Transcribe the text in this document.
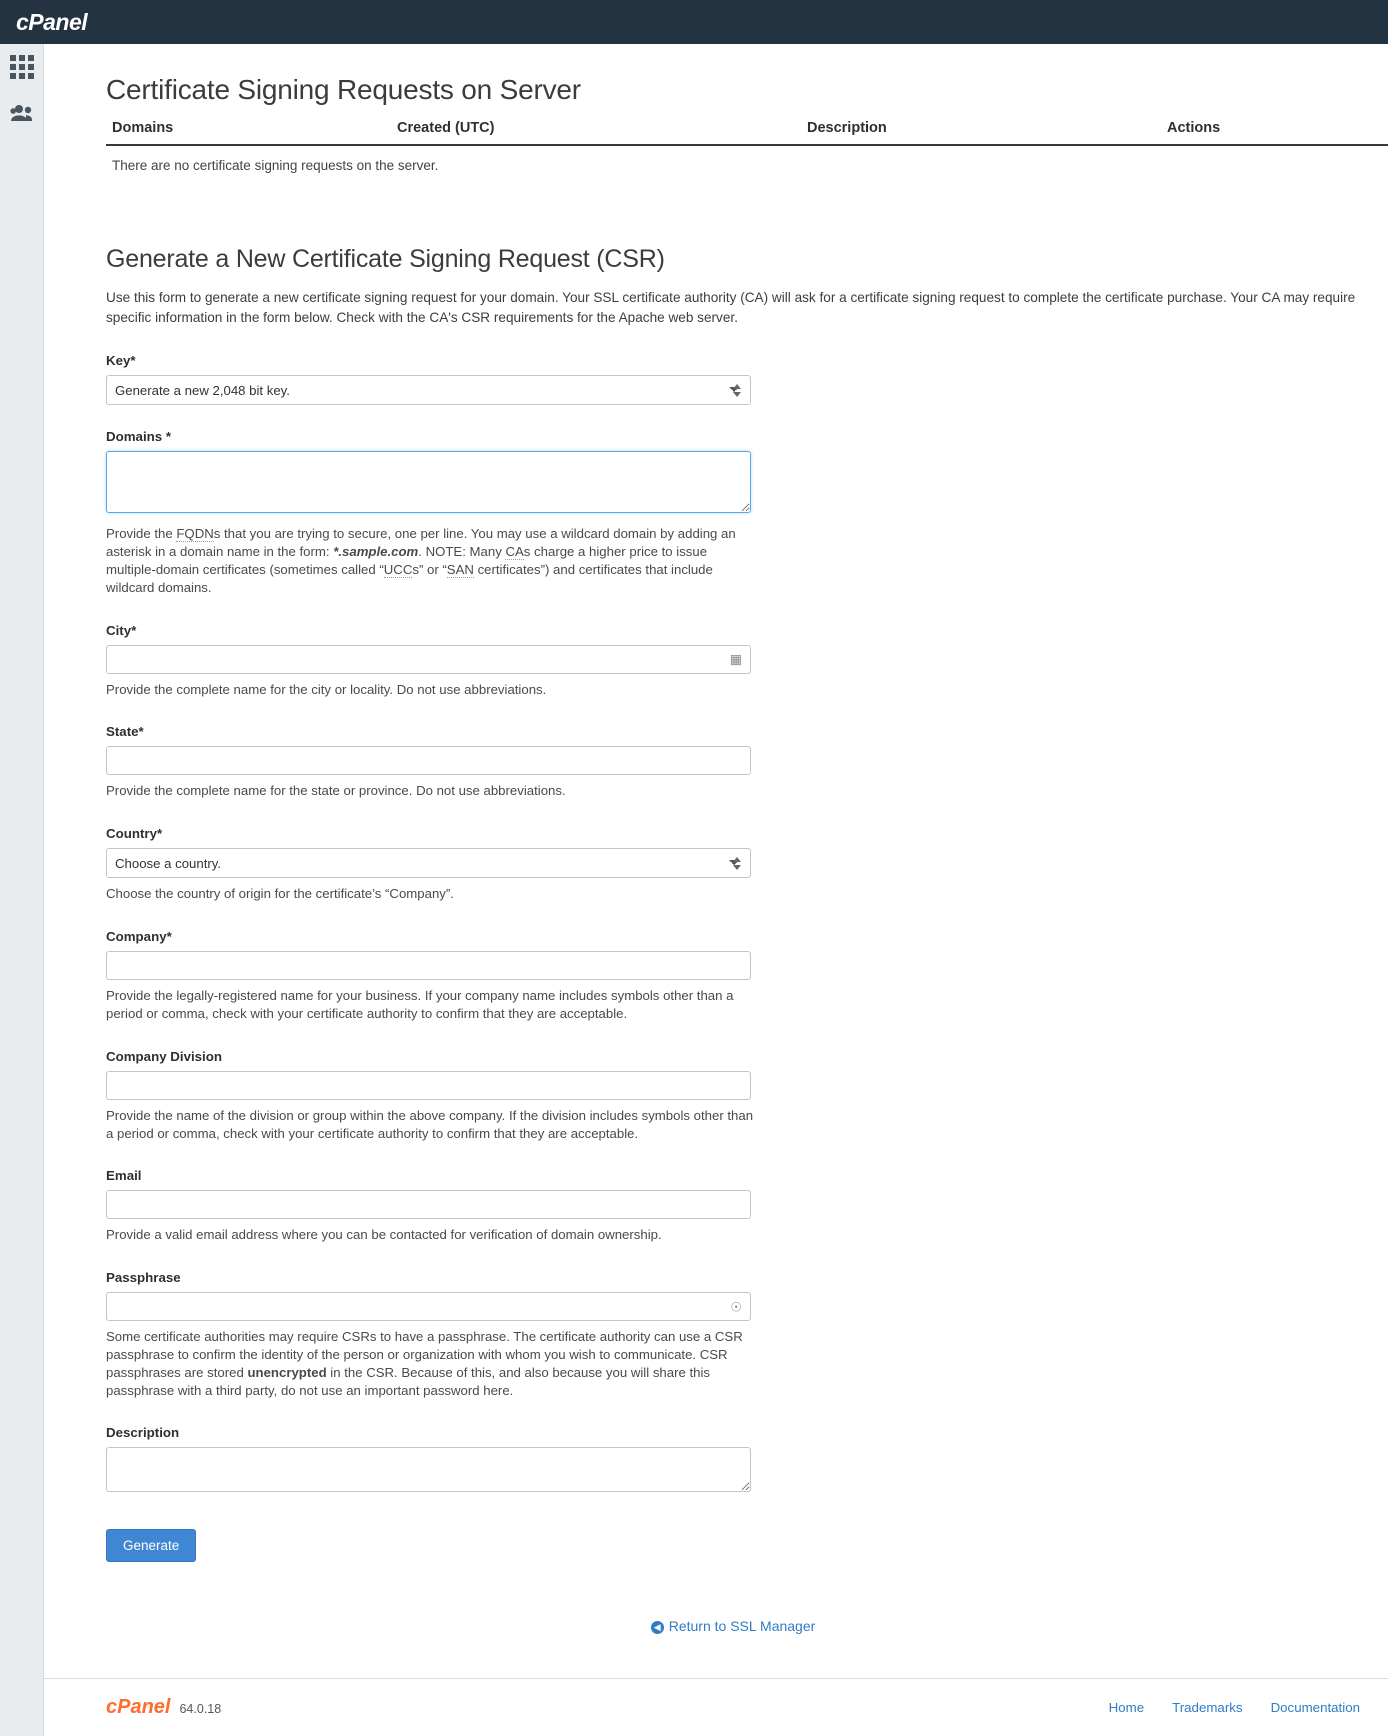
cPanel
Certificate Signing Requests on Server
Domains	Created (UTC)	Description	Actions
There are no certificate signing requests on the server.
Generate a New Certificate Signing Request (CSR)

Use this form to generate a new certificate signing request for your domain. Your SSL certificate authority (CA) will ask for a certificate signing request to complete the certificate purchase. Your CA may require specific information in the form below. Check with the CA's CSR requirements for the Apache web server.

Key*
Generate a new 2,048 bit key.
Domains *

Provide the FQDNs that you are trying to secure, one per line. You may use a wildcard domain by adding an asterisk in a domain name in the form: *.sample.com. NOTE: Many CAs charge a higher price to issue multiple-domain certificates (sometimes called “UCCs” or “SAN certificates”) and certificates that include wildcard domains.

City*
▦

Provide the complete name for the city or locality. Do not use abbreviations.

State*

Provide the complete name for the state or province. Do not use abbreviations.

Country*
Choose a country.

Choose the country of origin for the certificate’s “Company”.

Company*

Provide the legally-registered name for your business. If your company name includes symbols other than a period or comma, check with your certificate authority to confirm that they are acceptable.

Company Division

Provide the name of the division or group within the above company. If the division includes symbols other than a period or comma, check with your certificate authority to confirm that they are acceptable.

Email

Provide a valid email address where you can be contacted for verification of domain ownership.

Passphrase
☉

Some certificate authorities may require CSRs to have a passphrase. The certificate authority can use a CSR passphrase to confirm the identity of the person or organization with whom you wish to communicate. CSR passphrases are stored unencrypted in the CSR. Because of this, and also because you will share this passphrase with a third party, do not use an important password here.

Description
Generate
◀ Return to SSL Manager
cPanel 64.0.18	Home Trademarks Documentation
